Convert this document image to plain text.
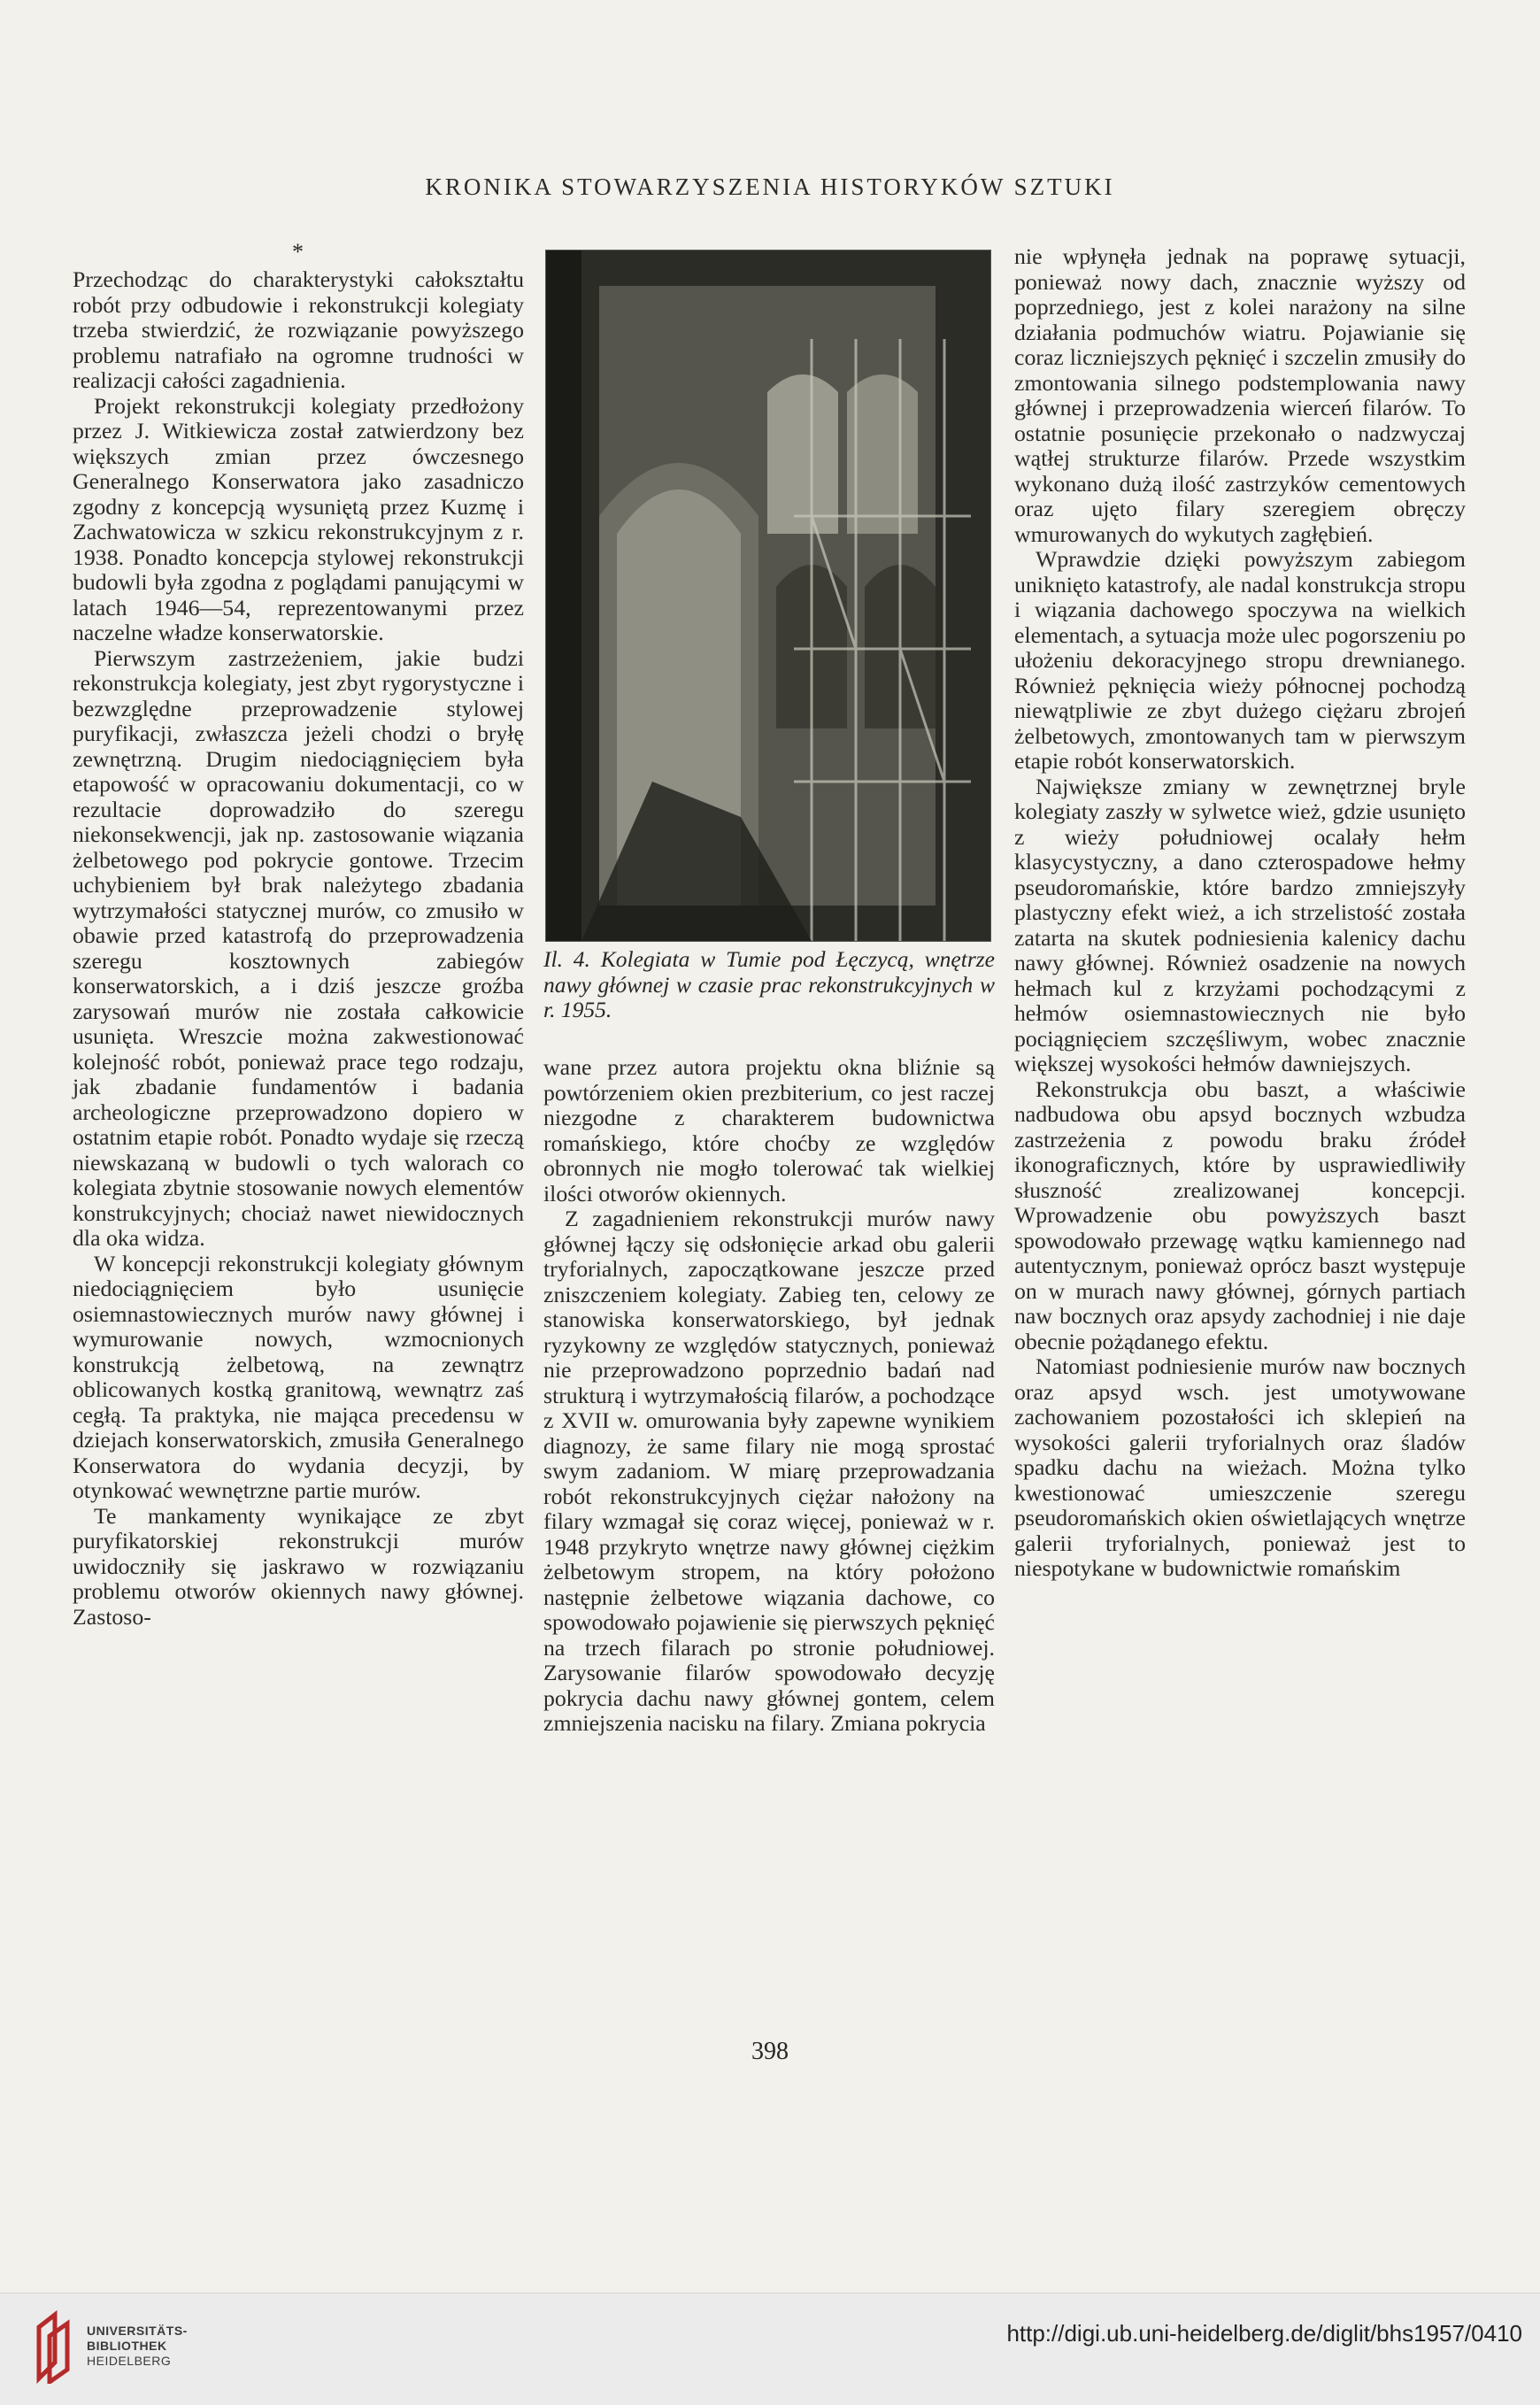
KRONIKA STOWARZYSZENIA HISTORYKÓW SZTUKI
*

Przechodząc do charakterystyki całokształtu robót przy odbudowie i rekonstrukcji kolegiaty trzeba stwierdzić, że rozwiązanie powyższego problemu natrafiało na ogromne trudności w realizacji całości zagadnienia.

Projekt rekonstrukcji kolegiaty przedłożony przez J. Witkiewicza został zatwierdzony bez większych zmian przez ówczesnego Generalnego Konserwatora jako zasadniczo zgodny z koncepcją wysuniętą przez Kuzmę i Zachwatowicza w szkicu rekonstrukcyjnym z r. 1938. Ponadto koncepcja stylowej rekonstrukcji budowli była zgodna z poglądami panującymi w latach 1946—54, reprezentowanymi przez naczelne władze konserwatorskie.

Pierwszym zastrzeżeniem, jakie budzi rekonstrukcja kolegiaty, jest zbyt rygorystyczne i bezwzględne przeprowadzenie stylowej puryfikacji, zwłaszcza jeżeli chodzi o bryłę zewnętrzną. Drugim niedociągnięciem była etapowość w opracowaniu dokumentacji, co w rezultacie doprowadziło do szeregu niekonsekwencji, jak np. zastosowanie wiązania żelbetowego pod pokrycie gontowe. Trzecim uchybieniem był brak należytego zbadania wytrzymałości statycznej murów, co zmusiło w obawie przed katastrofą do przeprowadzenia szeregu kosztownych zabiegów konserwatorskich, a i dziś jeszcze groźba zarysowań murów nie została całkowicie usunięta. Wreszcie można zakwestionować kolejność robót, ponieważ prace tego rodzaju, jak zbadanie fundamentów i badania archeologiczne przeprowadzono dopiero w ostatnim etapie robót. Ponadto wydaje się rzeczą niewskazaną w budowli o tych walorach co kolegiata zbytnie stosowanie nowych elementów konstrukcyjnych; chociaż nawet niewidocznych dla oka widza.

W koncepcji rekonstrukcji kolegiaty głównym niedociągnięciem było usunięcie osiemnastowiecznych murów nawy głównej i wymurowanie nowych, wzmocnionych konstrukcją żelbetową, na zewnątrz oblicowanych kostką granitową, wewnątrz zaś cegłą. Ta praktyka, nie mająca precedensu w dziejach konserwatorskich, zmusiła Generalnego Konserwatora do wydania decyzji, by otynkować wewnętrzne partie murów.

Te mankamenty wynikające ze zbyt puryfikatorskiej rekonstrukcji murów uwidoczniły się jaskrawo w rozwiązaniu problemu otworów okiennych nawy głównej. Zastoso-

Il. 4. Kolegiata w Tumie pod Łęczycą, wnętrze nawy głównej w czasie prac rekonstrukcyjnych w r. 1955.

wane przez autora projektu okna bliźnie są powtórzeniem okien prezbiterium, co jest raczej niezgodne z charakterem budownictwa romańskiego, które choćby ze względów obronnych nie mogło tolerować tak wielkiej ilości otworów okiennych.

Z zagadnieniem rekonstrukcji murów nawy głównej łączy się odsłonięcie arkad obu galerii tryforialnych, zapoczątkowane jeszcze przed zniszczeniem kolegiaty. Zabieg ten, celowy ze stanowiska konserwatorskiego, był jednak ryzykowny ze względów statycznych, ponieważ nie przeprowadzono poprzednio badań nad strukturą i wytrzymałością filarów, a pochodzące z XVII w. omurowania były zapewne wynikiem diagnozy, że same filary nie mogą sprostać swym zadaniom. W miarę przeprowadzania robót rekonstrukcyjnych ciężar nałożony na filary wzmagał się coraz więcej, ponieważ w r. 1948 przykryto wnętrze nawy głównej ciężkim żelbetowym stropem, na który położono następnie żelbetowe wiązania dachowe, co spowodowało pojawienie się pierwszych pęknięć na trzech filarach po stronie południowej. Zarysowanie filarów spowodowało decyzję pokrycia dachu nawy głównej gontem, celem zmniejszenia nacisku na filary. Zmiana pokrycia

nie wpłynęła jednak na poprawę sytuacji, ponieważ nowy dach, znacznie wyższy od poprzedniego, jest z kolei narażony na silne działania podmuchów wiatru. Pojawianie się coraz liczniejszych pęknięć i szczelin zmusiły do zmontowania silnego podstemplowania nawy głównej i przeprowadzenia wierceń filarów. To ostatnie posunięcie przekonało o nadzwyczaj wątłej strukturze filarów. Przede wszystkim wykonano dużą ilość zastrzyków cementowych oraz ujęto filary szeregiem obręczy wmurowanych do wykutych zagłębień.

Wprawdzie dzięki powyższym zabiegom uniknięto katastrofy, ale nadal konstrukcja stropu i wiązania dachowego spoczywa na wielkich elementach, a sytuacja może ulec pogorszeniu po ułożeniu dekoracyjnego stropu drewnianego. Również pęknięcia wieży północnej pochodzą niewątpliwie ze zbyt dużego ciężaru zbrojeń żelbetowych, zmontowanych tam w pierwszym etapie robót konserwatorskich.

Największe zmiany w zewnętrznej bryle kolegiaty zaszły w sylwetce wież, gdzie usunięto z wieży południowej ocalały hełm klasycystyczny, a dano czterospadowe hełmy pseudoromańskie, które bardzo zmniejszyły plastyczny efekt wież, a ich strzelistość została zatarta na skutek podniesienia kalenicy dachu nawy głównej. Również osadzenie na nowych hełmach kul z krzyżami pochodzącymi z hełmów osiemnastowiecznych nie było pociągnięciem szczęśliwym, wobec znacznie większej wysokości hełmów dawniejszych.

Rekonstrukcja obu baszt, a właściwie nadbudowa obu apsyd bocznych wzbudza zastrzeżenia z powodu braku źródeł ikonograficznych, które by usprawiedliwiły słuszność zrealizowanej koncepcji. Wprowadzenie obu powyższych baszt spowodowało przewagę wątku kamiennego nad autentycznym, ponieważ oprócz baszt występuje on w murach nawy głównej, górnych partiach naw bocznych oraz apsydy zachodniej i nie daje obecnie pożądanego efektu.

Natomiast podniesienie murów naw bocznych oraz apsyd wsch. jest umotywowane zachowaniem pozostałości ich sklepień na wysokości galerii tryforialnych oraz śladów spadku dachu na wieżach. Można tylko kwestionować umieszczenie szeregu pseudoromańskich okien oświetlających wnętrze galerii tryforialnych, ponieważ jest to niespotykane w budownictwie romańskim

398
UNIVERSITÄTS-
BIBLIOTHEK
HEIDELBERG
http://digi.ub.uni-heidelberg.de/diglit/bhs1957/0410
